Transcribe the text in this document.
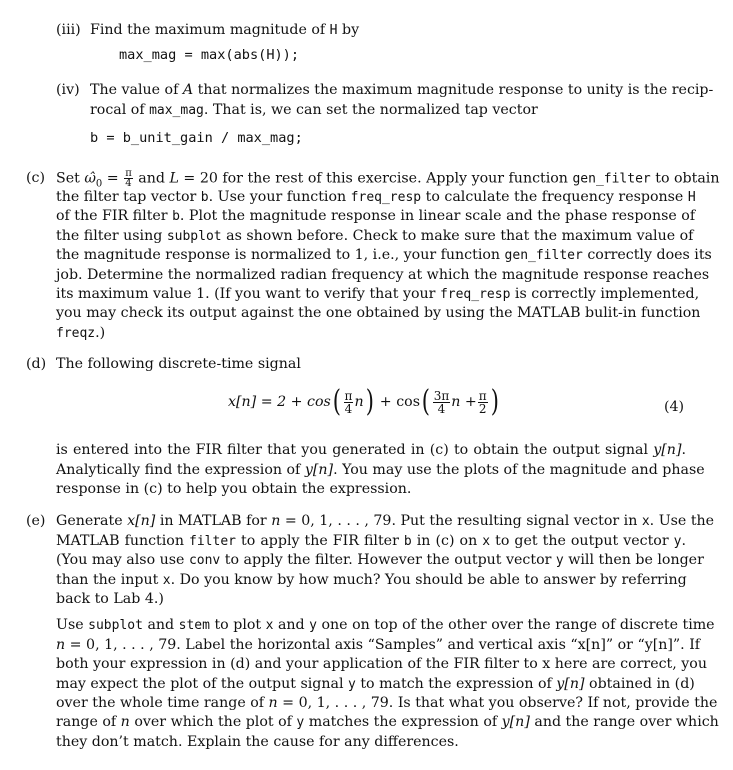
(iii) Find the maximum magnitude of H by
max_mag = max(abs(H));
(iv) The value of A that normalizes the maximum magnitude response to unity is the recip-
rocal of max_mag. That is, we can set the normalized tap vector
b = b_unit_gain / max_mag;
(c) Set $\omegâ_0 = \frac{\pi}{4}$ and L = 20 for the rest of this exercise. Apply your function gen_filter to obtain
the filter tap vector b. Use your function freq_resp to calculate the frequency response H
of the FIR filter b. Plot the magnitude response in linear scale and the phase response of
the filter using subplot as shown before. Check to make sure that the maximum value of
the magnitude response is normalized to 1, i.e., your function gen_filter correctly does its
job. Determine the normalized radian frequency at which the magnitude response reaches
its maximum value 1. (If you want to verify that your freq_resp is correctly implemented,
you may check its output against the one obtained by using the MATLAB bulit-in function
freqz.)
(d) The following discrete-time signal
$x[n] = 2 + \cos( \frac{\pi}{4} n) + \cos( \frac{3\pi}{4}$ $n + \frac{\pi}{2}$ )	(4)
is entered into the FIR filter that you generated in (c) to obtain the output signal y[n].
Analytically find the expression of y[n]. You may use the plots of the magnitude and phase
response in (c) to help you obtain the expression.
(e) Generate x[n] in MATLAB for n = 0, 1, . . . , 79. Put the resulting signal vector in x. Use the
MATLAB function filter to apply the FIR filter b in (c) on x to get the output vector y.
(You may also use conv to apply the filter. However the output vector y will then be longer
than the input x. Do you know by how much? You should be able to answer by referring
back to Lab 4.)
Use subplot and stem to plot x and y one on top of the other over the range of discrete time
n = 0, 1, . . . , 79. Label the horizontal axis “Samples” and vertical axis “x[n]” or “y[n]”. If
both your expression in (d) and your application of the FIR filter to x here are correct, you
may expect the plot of the output signal y to match the expression of y[n] obtained in (d)
over the whole time range of n = 0, 1, . . . , 79. Is that what you observe? If not, provide the
range of n over which the plot of y matches the expression of y[n] and the range over which
they don’t match. Explain the cause for any differences.
